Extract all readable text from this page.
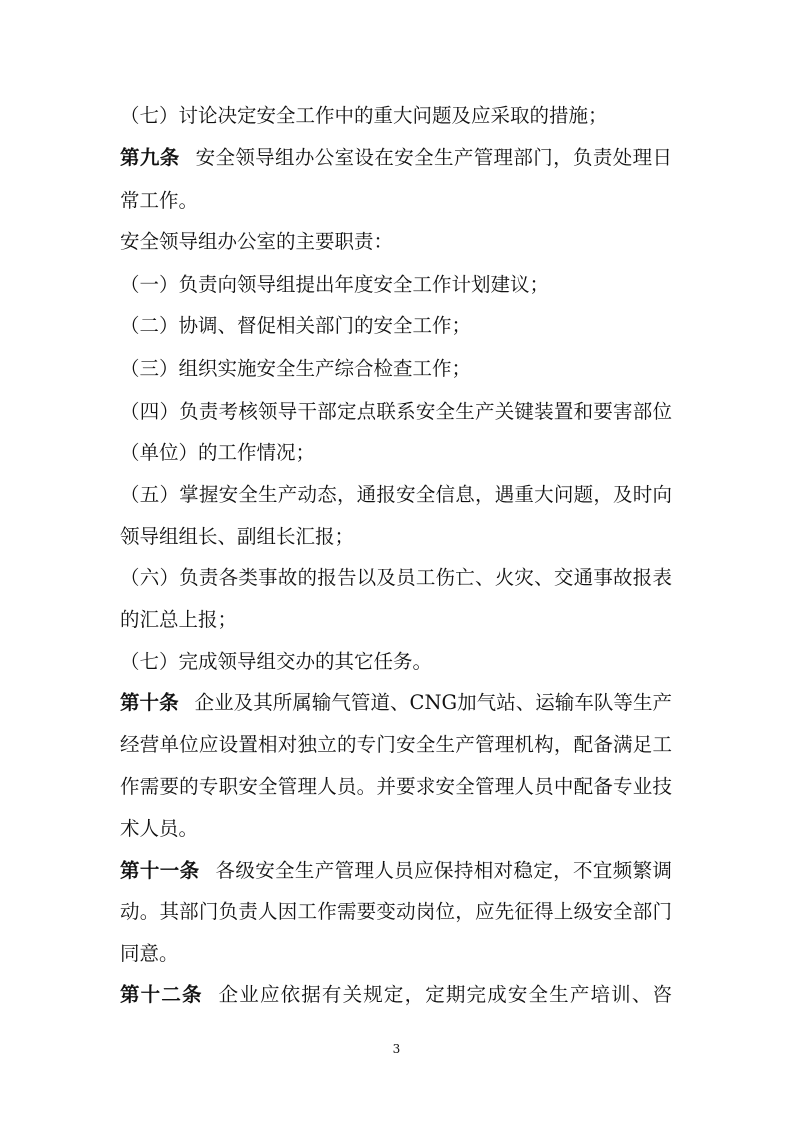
（七）讨论决定安全工作中的重大问题及应采取的措施；
第九条 安全领导组办公室设在安全生产管理部门，负责处理日
常工作。
安全领导组办公室的主要职责：
（一）负责向领导组提出年度安全工作计划建议；
（二）协调、督促相关部门的安全工作；
（三）组织实施安全生产综合检查工作；
（四）负责考核领导干部定点联系安全生产关键装置和要害部位
（单位）的工作情况；
（五）掌握安全生产动态，通报安全信息，遇重大问题，及时向
领导组组长、副组长汇报；
（六）负责各类事故的报告以及员工伤亡、火灾、交通事故报表
的汇总上报；
（七）完成领导组交办的其它任务。
第十条 企业及其所属输气管道、CNG加气站、运输车队等生产
经营单位应设置相对独立的专门安全生产管理机构，配备满足工
作需要的专职安全管理人员。并要求安全管理人员中配备专业技
术人员。
第十一条 各级安全生产管理人员应保持相对稳定，不宜频繁调
动。其部门负责人因工作需要变动岗位，应先征得上级安全部门
同意。
第十二条 企业应依据有关规定，定期完成安全生产培训、咨
3
